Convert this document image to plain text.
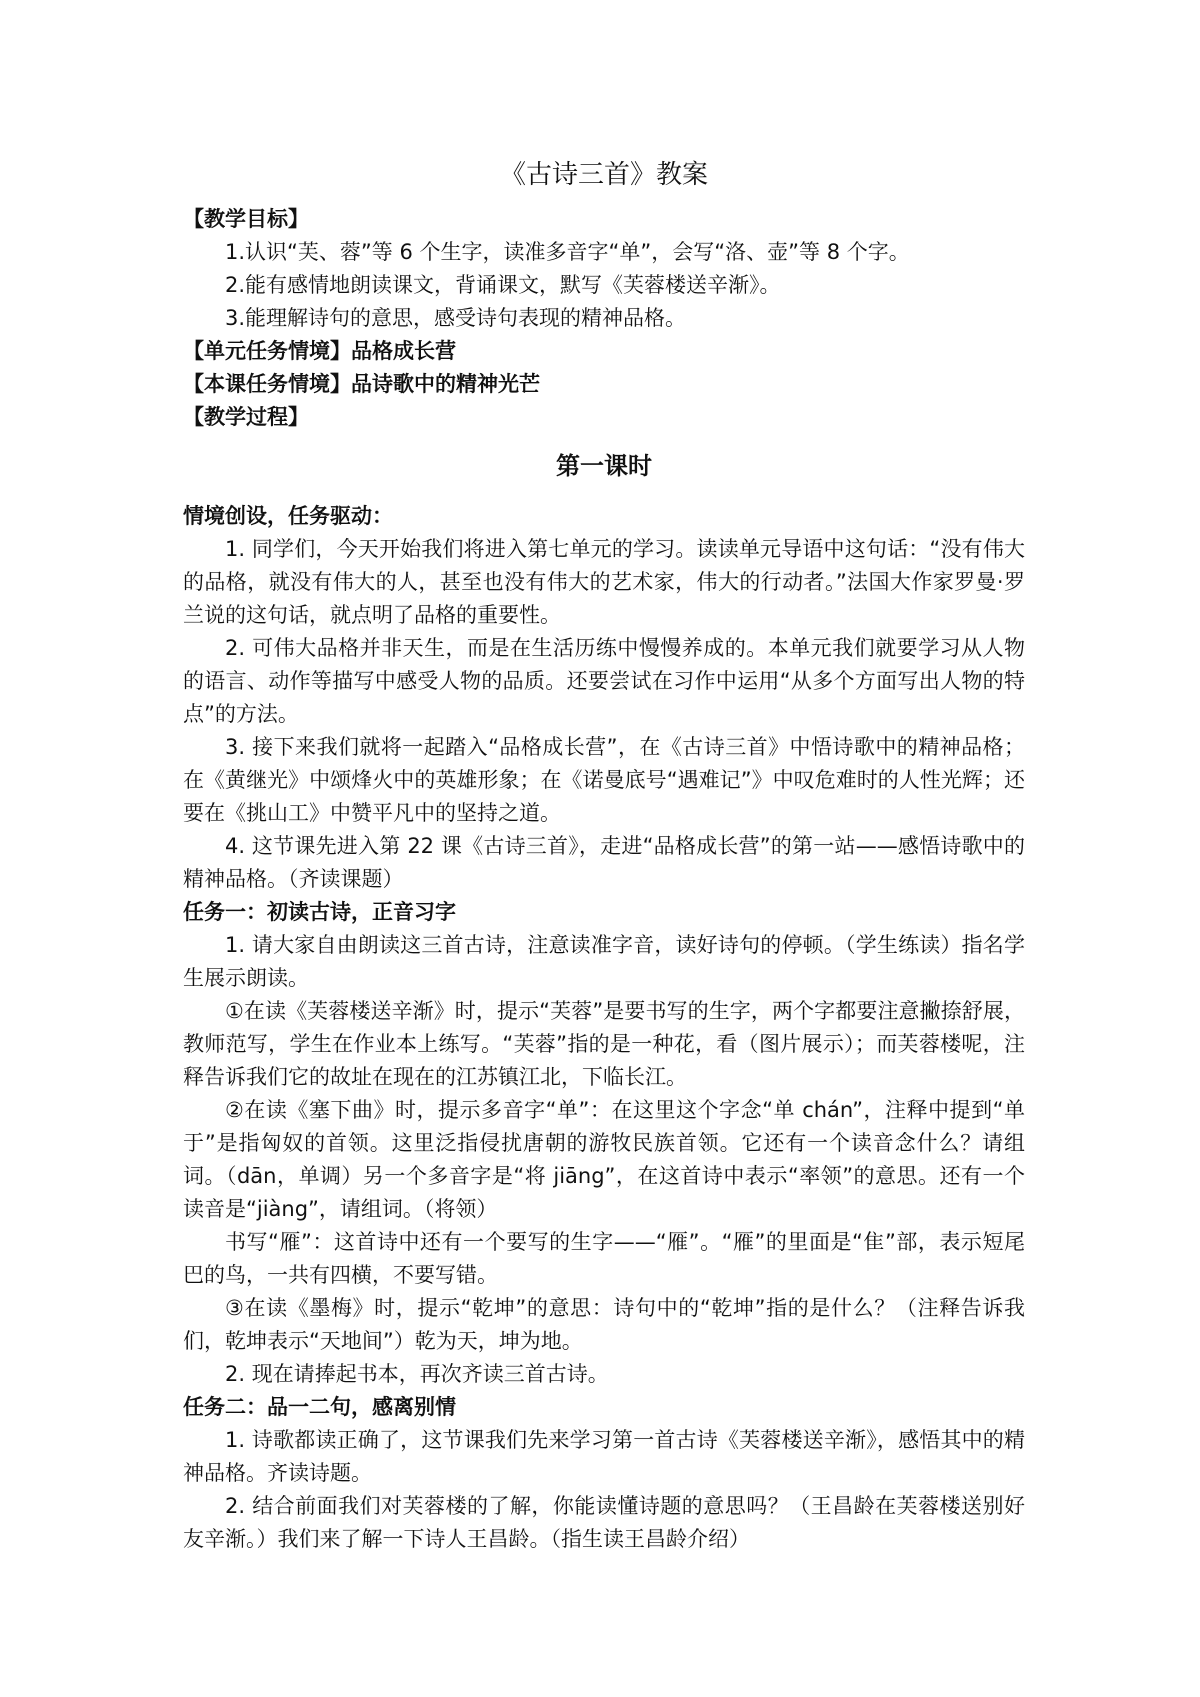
《古诗三首》教案
【教学目标】

1.认识“芙、蓉”等 6 个生字，读准多音字“单”，会写“洛、壶”等 8 个字。

2.能有感情地朗读课文，背诵课文，默写《芙蓉楼送辛渐》。

3.能理解诗句的意思，感受诗句表现的精神品格。

【单元任务情境】品格成长营
【本课任务情境】品诗歌中的精神光芒
【教学过程】
第一课时
情境创设，任务驱动：

1. 同学们，今天开始我们将进入第七单元的学习。读读单元导语中这句话：“没有伟大的品格，就没有伟大的人，甚至也没有伟大的艺术家，伟大的行动者。”法国大作家罗曼·罗兰说的这句话，就点明了品格的重要性。

2. 可伟大品格并非天生，而是在生活历练中慢慢养成的。本单元我们就要学习从人物的语言、动作等描写中感受人物的品质。还要尝试在习作中运用“从多个方面写出人物的特点”的方法。

3. 接下来我们就将一起踏入“品格成长营”，在《古诗三首》中悟诗歌中的精神品格；在《黄继光》中颂烽火中的英雄形象；在《诺曼底号“遇难记”》中叹危难时的人性光辉；还要在《挑山工》中赞平凡中的坚持之道。

4. 这节课先进入第 22 课《古诗三首》，走进“品格成长营”的第一站——感悟诗歌中的精神品格。（齐读课题）

任务一：初读古诗，正音习字

1. 请大家自由朗读这三首古诗，注意读准字音，读好诗句的停顿。（学生练读）指名学生展示朗读。

①在读《芙蓉楼送辛渐》时，提示“芙蓉”是要书写的生字，两个字都要注意撇捺舒展，教师范写，学生在作业本上练写。“芙蓉”指的是一种花，看（图片展示）；而芙蓉楼呢，注释告诉我们它的故址在现在的江苏镇江北，下临长江。

②在读《塞下曲》时，提示多音字“单”：在这里这个字念“单 chán”，注释中提到“单于”是指匈奴的首领。这里泛指侵扰唐朝的游牧民族首领。它还有一个读音念什么？请组词。（dān，单调）另一个多音字是“将 jiāng”，在这首诗中表示“率领”的意思。还有一个读音是“jiàng”，请组词。（将领）

书写“雁”：这首诗中还有一个要写的生字——“雁”。“雁”的里面是“隹”部，表示短尾巴的鸟，一共有四横，不要写错。

③在读《墨梅》时，提示“乾坤”的意思：诗句中的“乾坤”指的是什么？（注释告诉我们，乾坤表示“天地间”）乾为天，坤为地。

2. 现在请捧起书本，再次齐读三首古诗。

任务二：品一二句，感离别情

1. 诗歌都读正确了，这节课我们先来学习第一首古诗《芙蓉楼送辛渐》，感悟其中的精神品格。齐读诗题。

2. 结合前面我们对芙蓉楼的了解，你能读懂诗题的意思吗？（王昌龄在芙蓉楼送别好友辛渐。）我们来了解一下诗人王昌龄。（指生读王昌龄介绍）
